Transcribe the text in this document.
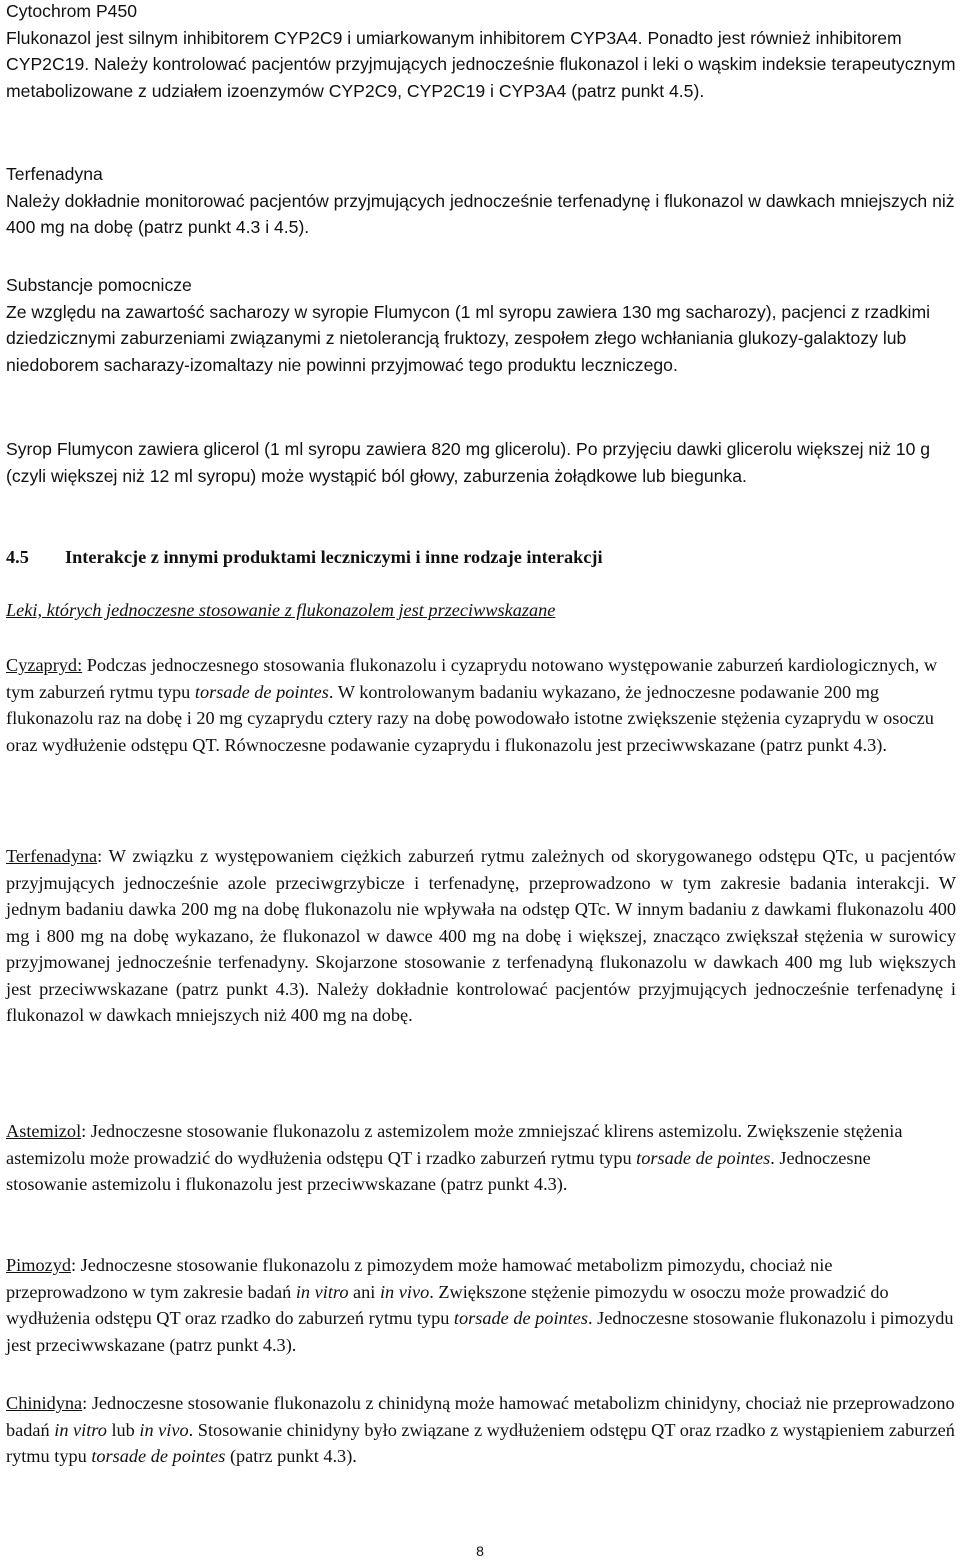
Cytochrom P450
Flukonazol jest silnym inhibitorem CYP2C9 i umiarkowanym inhibitorem CYP3A4. Ponadto jest również inhibitorem CYP2C19. Należy kontrolować pacjentów przyjmujących jednocześnie flukonazol i leki o wąskim indeksie terapeutycznym metabolizowane z udziałem izoenzymów CYP2C9, CYP2C19 i CYP3A4 (patrz punkt 4.5).
Terfenadyna
Należy dokładnie monitorować pacjentów przyjmujących jednocześnie terfenadynę i flukonazol w dawkach mniejszych niż 400 mg na dobę (patrz punkt 4.3 i 4.5).
Substancje pomocnicze
Ze względu na zawartość sacharozy w syropie Flumycon (1 ml syropu zawiera 130 mg sacharozy), pacjenci z rzadkimi dziedzicznymi zaburzeniami związanymi z nietolerancją fruktozy, zespołem złego wchłaniania glukozy-galaktozy lub niedoborem sacharazy-izomaltazy nie powinni przyjmować tego produktu leczniczego.
Syrop Flumycon zawiera glicerol (1 ml syropu zawiera 820 mg glicerolu). Po przyjęciu dawki glicerolu większej niż 10 g (czyli większej niż 12 ml syropu) może wystąpić ból głowy, zaburzenia żołądkowe lub biegunka.
4.5 Interakcje z innymi produktami leczniczymi i inne rodzaje interakcji
Leki, których jednoczesne stosowanie z flukonazolem jest przeciwwskazane
Cyzapryd: Podczas jednoczesnego stosowania flukonazolu i cyzaprydu notowano występowanie zaburzeń kardiologicznych, w tym zaburzeń rytmu typu torsade de pointes. W kontrolowanym badaniu wykazano, że jednoczesne podawanie 200 mg flukonazolu raz na dobę i 20 mg cyzaprydu cztery razy na dobę powodowało istotne zwiększenie stężenia cyzaprydu w osoczu oraz wydłużenie odstępu QT. Równoczesne podawanie cyzaprydu i flukonazolu jest przeciwwskazane (patrz punkt 4.3).
Terfenadyna: W związku z występowaniem ciężkich zaburzeń rytmu zależnych od skorygowanego odstępu QTc, u pacjentów przyjmujących jednocześnie azole przeciwgrzybicze i terfenadynę, przeprowadzono w tym zakresie badania interakcji. W jednym badaniu dawka 200 mg na dobę flukonazolu nie wpływała na odstęp QTc. W innym badaniu z dawkami flukonazolu 400 mg i 800 mg na dobę wykazano, że flukonazol w dawce 400 mg na dobę i większej, znacząco zwiększał stężenia w surowicy przyjmowanej jednocześnie terfenadyny. Skojarzone stosowanie z terfenadyną flukonazolu w dawkach 400 mg lub większych jest przeciwwskazane (patrz punkt 4.3). Należy dokładnie kontrolować pacjentów przyjmujących jednocześnie terfenadynę i flukonazol w dawkach mniejszych niż 400 mg na dobę.
Astemizol: Jednoczesne stosowanie flukonazolu z astemizolem może zmniejszać klirens astemizolu. Zwiększenie stężenia astemizolu może prowadzić do wydłużenia odstępu QT i rzadko zaburzeń rytmu typu torsade de pointes. Jednoczesne stosowanie astemizolu i flukonazolu jest przeciwwskazane (patrz punkt 4.3).
Pimozyd: Jednoczesne stosowanie flukonazolu z pimozydem może hamować metabolizm pimozydu, chociaż nie przeprowadzono w tym zakresie badań in vitro ani in vivo. Zwiększone stężenie pimozydu w osoczu może prowadzić do wydłużenia odstępu QT oraz rzadko do zaburzeń rytmu typu torsade de pointes. Jednoczesne stosowanie flukonazolu i pimozydu jest przeciwwskazane (patrz punkt 4.3).
Chinidyna: Jednoczesne stosowanie flukonazolu z chinidyną może hamować metabolizm chinidyny, chociaż nie przeprowadzono badań in vitro lub in vivo. Stosowanie chinidyny było związane z wydłużeniem odstępu QT oraz rzadko z wystąpieniem zaburzeń rytmu typu torsade de pointes (patrz punkt 4.3).
8
